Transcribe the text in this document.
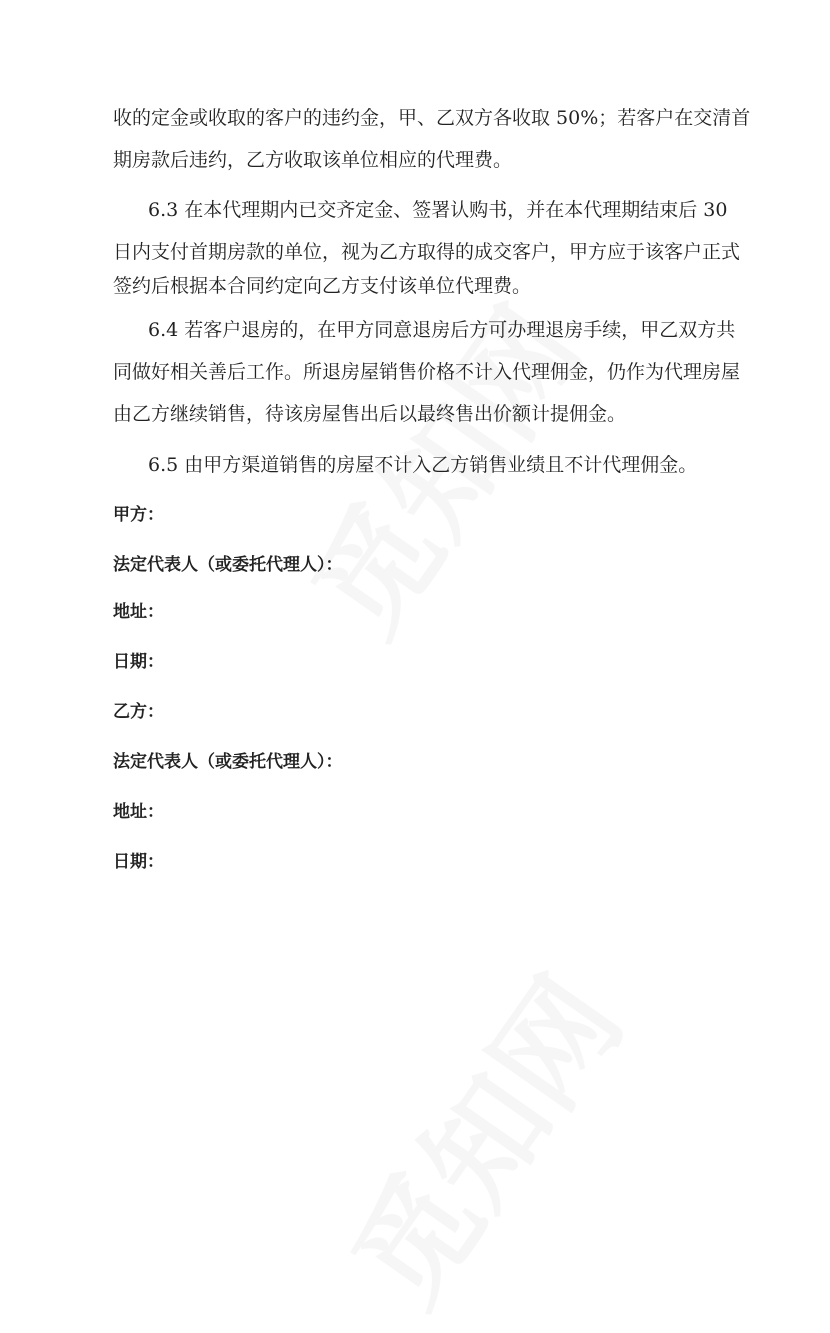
收的定金或收取的客户的违约金，甲、乙双方各收取 50%；若客户在交清首
期房款后违约，乙方收取该单位相应的代理费。
6.3 在本代理期内已交齐定金、签署认购书，并在本代理期结束后 30
日内支付首期房款的单位，视为乙方取得的成交客户，甲方应于该客户正式
签约后根据本合同约定向乙方支付该单位代理费。
6.4 若客户退房的，在甲方同意退房后方可办理退房手续，甲乙双方共
同做好相关善后工作。所退房屋销售价格不计入代理佣金，仍作为代理房屋
由乙方继续销售，待该房屋售出后以最终售出价额计提佣金。
6.5 由甲方渠道销售的房屋不计入乙方销售业绩且不计代理佣金。
甲方：
法定代表人（或委托代理人）：
地址：
日期：
乙方：
法定代表人（或委托代理人）：
地址：
日期：
